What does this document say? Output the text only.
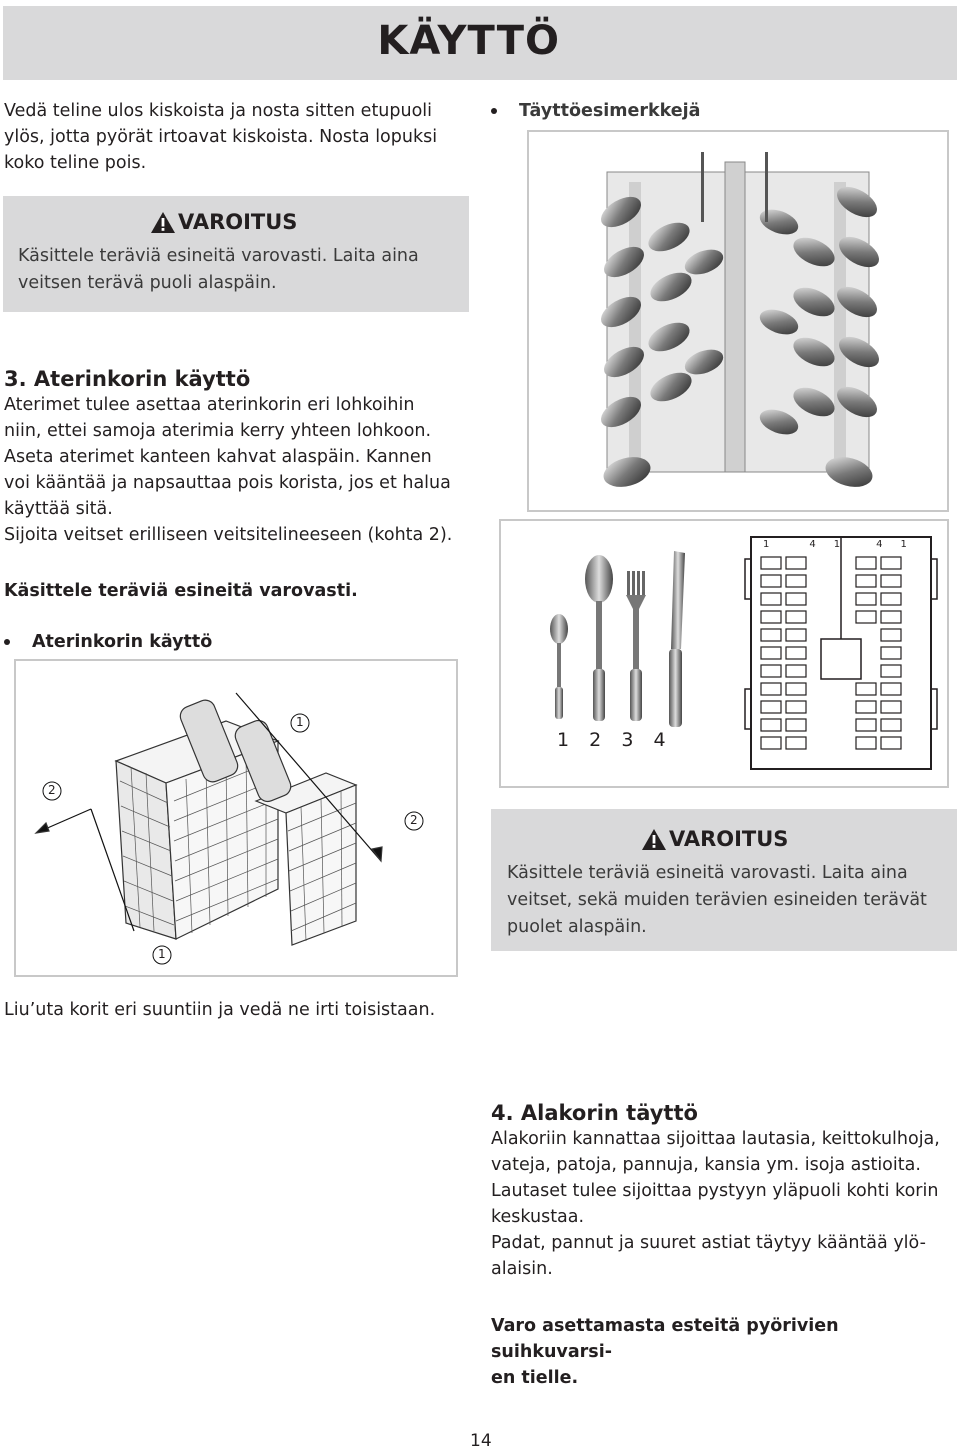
KÄYTTÖ

Vedä teline ulos kiskoista ja nosta sitten etupuoli ylös, jotta pyörät irtoavat kiskoista. Nosta lopuksi koko teline pois.

VAROITUS
Käsittele teräviä esineitä varovasti. Laita aina
veitsen terävä puoli alaspäin.
3. Aterinkorin käyttö
Aterimet tulee asettaa aterinkorin eri lohkoihin
niin, ettei samoja aterimia kerry yhteen lohkoon.
Aseta aterimet kanteen kahvat alaspäin. Kannen
voi kääntää ja napsauttaa pois korista, jos et halua
käyttää sitä.
Sijoita veitset erilliseen veitsitelineeseen (kohta 2).
Käsittele teräviä esineitä varovasti.
Aterinkorin käyttö
1
2
2
1
Liu’uta korit eri suuntiin ja vedä ne irti toisistaan.
Täyttöesimerkkejä
1  2  3  4
1	4 1	4 1
VAROITUS
Käsittele teräviä esineitä varovasti. Laita aina
veitset, sekä muiden terävien esineiden terävät
puolet alaspäin.
4. Alakorin täyttö
Alakoriin kannattaa sijoittaa lautasia, keittokulhoja,
vateja, patoja, pannuja, kansia ym. isoja astioita.
Lautaset tulee sijoittaa pystyyn yläpuoli kohti korin
keskustaa.
Padat, pannut ja suuret astiat täytyy kääntää ylö-
alaisin.
Varo asettamasta esteitä pyörivien suihkuvarsi-
en tielle.
14
